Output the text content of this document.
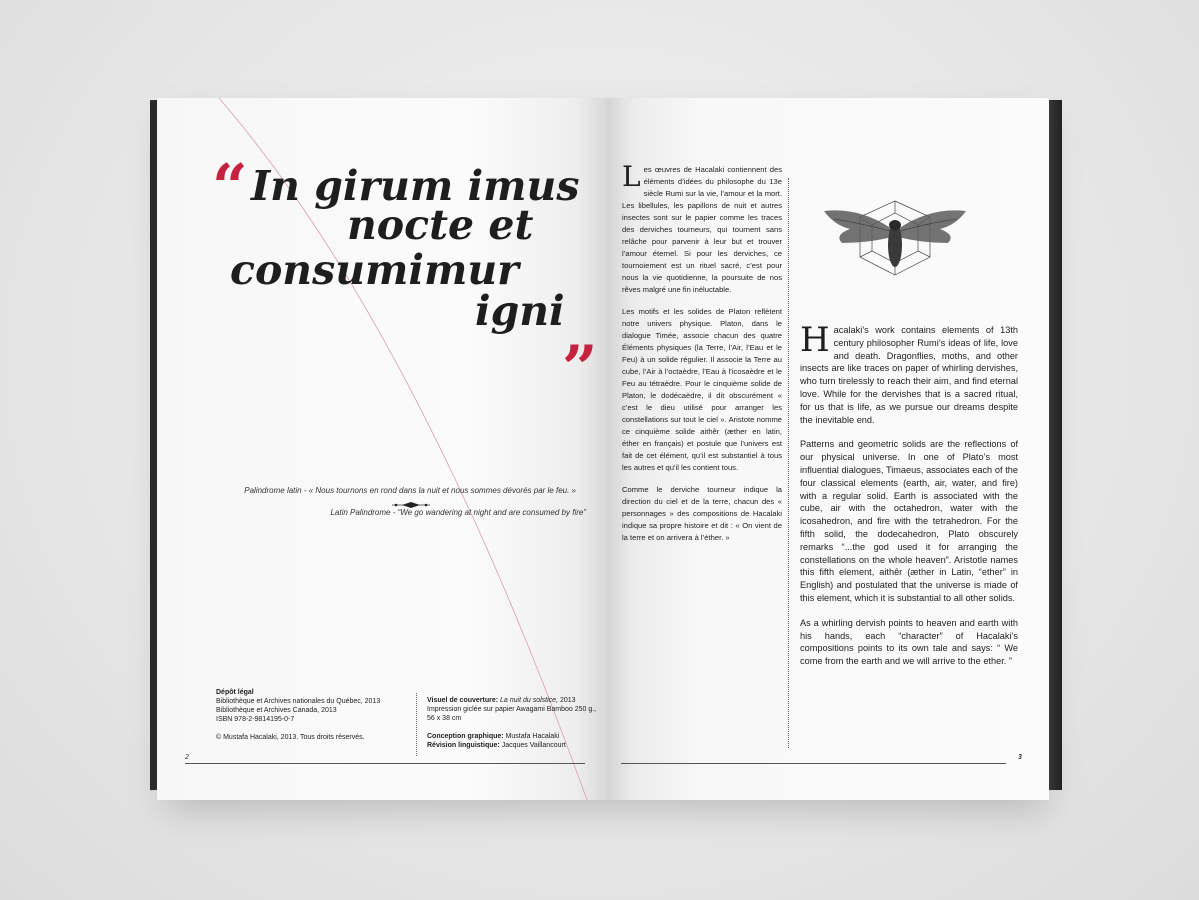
“ In girum imus
nocte et
consumimur
igni
„
Palindrome latin - « Nous tournons en rond dans la nuit et nous sommes dévorés par le feu. »
Latin Palindrome - “We go wandering at night and are consumed by fire”
Dépôt légal
Bibliothèque et Archives nationales du Québec, 2013
Bibliothèque et Archives Canada, 2013
ISBN 978-2-9814195-0-7
© Mustafa Hacalaki, 2013. Tous droits réservés.
Visuel de couverture: La nuit du solstice, 2013
Impression giclée sur papier Awagami Bamboo 250 g.,
56 x 38 cm
Conception graphique: Mustafa Hacalaki
Révision linguistique: Jacques Vaillancourt
2

Les œuvres de Hacalaki contiennent des éléments d’idées du philosophe du 13e siècle Rumi sur la vie, l’amour et la mort. Les libellules, les papillons de nuit et autres insectes sont sur le papier comme les traces des derviches tourneurs, qui tournent sans relâche pour parvenir à leur but et trouver l’amour éternel. Si pour les derviches, ce tournoiement est un rituel sacré, c’est pour nous la vie quotidienne, la poursuite de nos rêves malgré une fin inéluctable.

Les motifs et les solides de Platon reflètent notre univers physique. Platon, dans le dialogue Timée, associe chacun des quatre Éléments physiques (la Terre, l’Air, l’Eau et le Feu) à un solide régulier. Il associe la Terre au cube, l’Air à l’octaèdre, l’Eau à l’icosaèdre et le Feu au tétraèdre. Pour le cinquième solide de Platon, le dodécaèdre, il dit obscurément « c’est le dieu utilisé pour arranger les constellations sur tout le ciel ». Aristote nomme ce cinquième solide aithêr (æther en latin, éther en français) et postule que l’univers est fait de cet élément, qu’il est substantiel à tous les autres et qu’il les contient tous.

Comme le derviche tourneur indique la direction du ciel et de la terre, chacun des « personnages » des compositions de Hacalaki indique sa propre histoire et dit : « On vient de la terre et on arrivera à l’éther. »

Hacalaki’s work contains elements of 13th century philosopher Rumi’s ideas of life, love and death. Dragonflies, moths, and other insects are like traces on paper of whirling dervishes, who turn tirelessly to reach their aim, and find eternal love. While for the dervishes that is a sacred ritual, for us that is life, as we pursue our dreams despite the inevitable end.

Patterns and geometric solids are the reflections of our physical universe. In one of Plato’s most influential dialogues, Timaeus, associates each of the four classical elements (earth, air, water, and fire) with a regular solid. Earth is associated with the cube, air with the octahedron, water with the icosahedron, and fire with the tetrahedron. For the fifth solid, the dodecahedron, Plato obscurely remarks “...the god used it for arranging the constellations on the whole heaven”. Aristotle names this fifth element, aithêr (æther in Latin, “ether” in English) and postulated that the universe is made of this element, which it is substantial to all other solids.

As a whirling dervish points to heaven and earth with his hands, each “character” of Hacalaki’s compositions points to its own tale and says: “ We come from the earth and we will arrive to the ether. ”

3
